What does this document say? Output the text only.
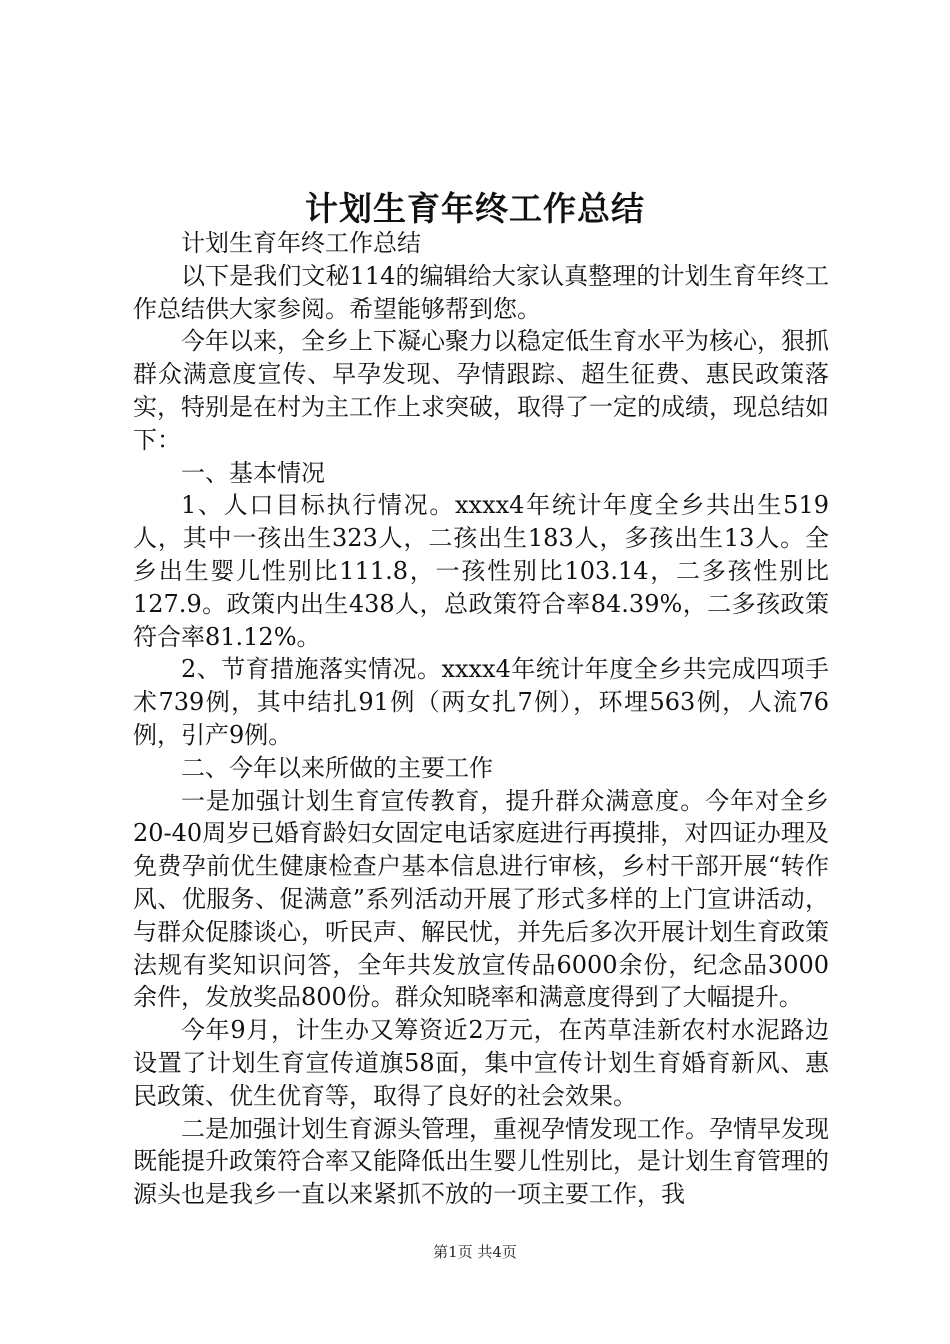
计划生育年终工作总结

计划生育年终工作总结

以下是我们文秘114的编辑给大家认真整理的计划生育年终工作总结供大家参阅。希望能够帮到您。

今年以来，全乡上下凝心聚力以稳定低生育水平为核心，狠抓群众满意度宣传、早孕发现、孕情跟踪、超生征费、惠民政策落实，特别是在村为主工作上求突破，取得了一定的成绩，现总结如下：

一、基本情况

1、人口目标执行情况。xxxx4年统计年度全乡共出生519人，其中一孩出生323人，二孩出生183人，多孩出生13人。全乡出生婴儿性别比111.8，一孩性别比103.14，二多孩性别比127.9。政策内出生438人，总政策符合率84.39%，二多孩政策符合率81.12%。

2、节育措施落实情况。xxxx4年统计年度全乡共完成四项手术739例，其中结扎91例（两女扎7例），环埋563例，人流76例，引产9例。

二、今年以来所做的主要工作

一是加强计划生育宣传教育，提升群众满意度。今年对全乡20-40周岁已婚育龄妇女固定电话家庭进行再摸排，对四证办理及免费孕前优生健康检查户基本信息进行审核，乡村干部开展“转作风、优服务、促满意”系列活动开展了形式多样的上门宣讲活动，与群众促膝谈心，听民声、解民忧，并先后多次开展计划生育政策法规有奖知识问答，全年共发放宣传品6000余份，纪念品3000余件，发放奖品800份。群众知晓率和满意度得到了大幅提升。

今年9月，计生办又筹资近2万元，在芮草洼新农村水泥路边设置了计划生育宣传道旗58面，集中宣传计划生育婚育新风、惠民政策、优生优育等，取得了良好的社会效果。

二是加强计划生育源头管理，重视孕情发现工作。孕情早发现既能提升政策符合率又能降低出生婴儿性别比，是计划生育管理的源头也是我乡一直以来紧抓不放的一项主要工作，我

第1页 共4页
